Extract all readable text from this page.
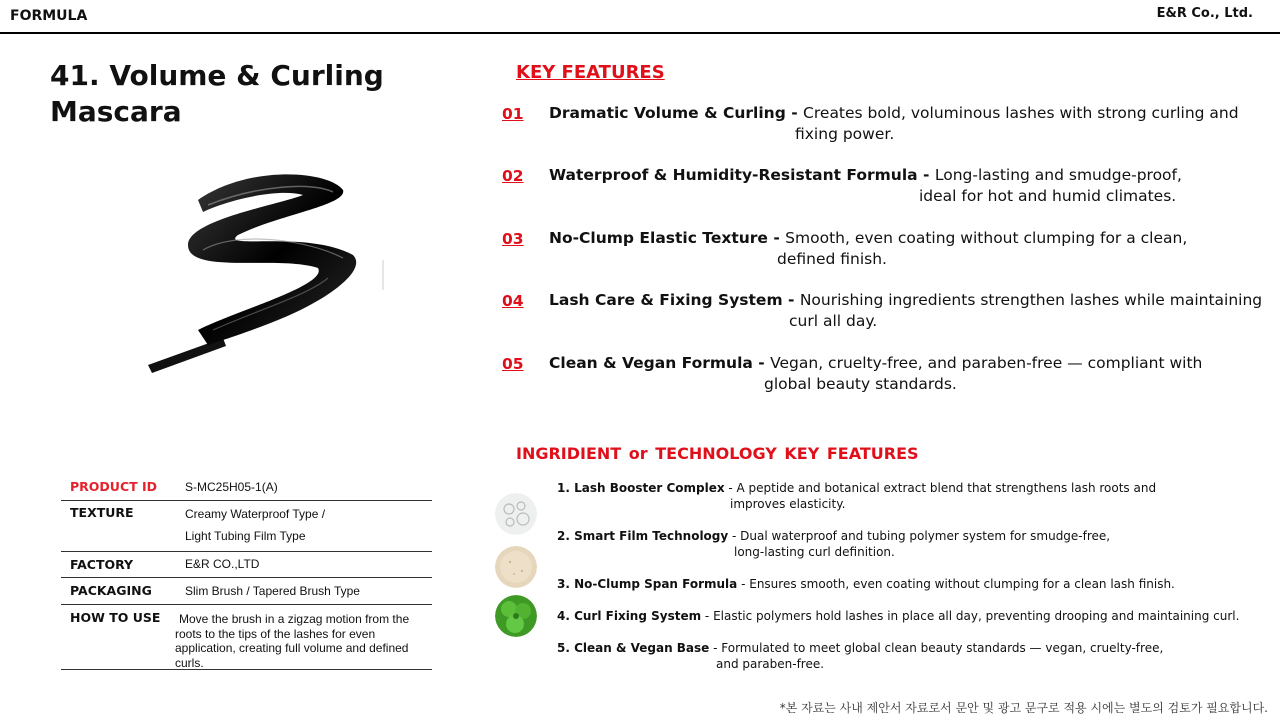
FORMULA	E&R Co., Ltd.
41. Volume & Curling
Mascara
PRODUCT ID	S-MC25H05-1(A)
TEXTURE	Creamy Waterproof Type /
Light Tubing Film Type
FACTORY	E&R CO.,LTD
PACKAGING	Slim Brush / Tapered Brush Type
HOW TO USE	Move the brush in a zigzag motion from the
roots to the tips of the lashes for even
application, creating full volume and defined
curls.
KEY FEATURES
01 Dramatic Volume & Curling - Creates bold, voluminous lashes with strong curling and
fixing power.
02 Waterproof & Humidity-Resistant Formula - Long-lasting and smudge-proof,
ideal for hot and humid climates.
03 No-Clump Elastic Texture - Smooth, even coating without clumping for a clean,
defined finish.
04 Lash Care & Fixing System - Nourishing ingredients strengthen lashes while maintaining
curl all day.
05 Clean & Vegan Formula - Vegan, cruelty-free, and paraben-free — compliant with
global beauty standards.
INGRIDIENT or TECHNOLOGY KEY FEATURES
1. Lash Booster Complex - A peptide and botanical extract blend that strengthens lash roots and
improves elasticity.
2. Smart Film Technology - Dual waterproof and tubing polymer system for smudge-free,
long-lasting curl definition.
3. No-Clump Span Formula - Ensures smooth, even coating without clumping for a clean lash finish.
4. Curl Fixing System - Elastic polymers hold lashes in place all day, preventing drooping and maintaining curl.
5. Clean & Vegan Base - Formulated to meet global clean beauty standards — vegan, cruelty-free,
and paraben-free.
*본 자료는 사내 제안서 자료로서 문안 및 광고 문구로 적용 시에는 별도의 검토가 필요합니다.
